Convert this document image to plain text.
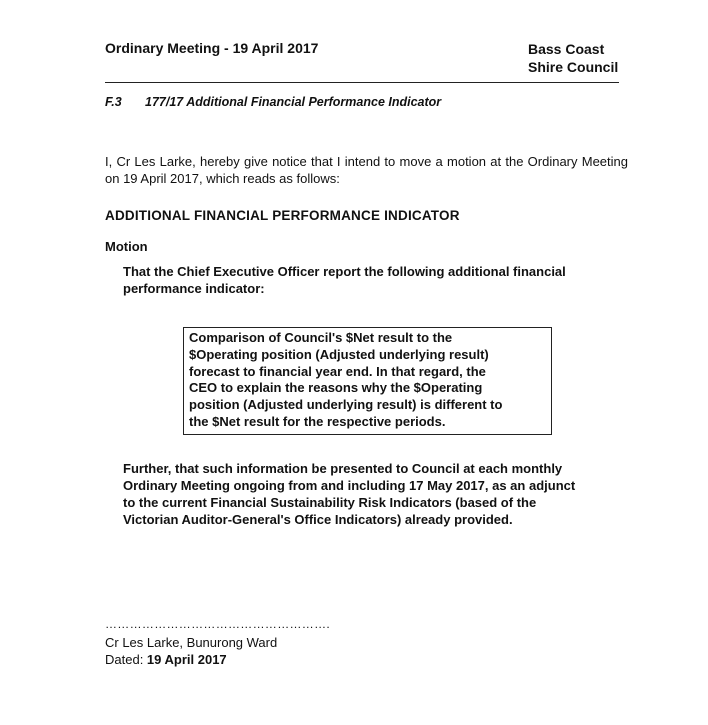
Ordinary Meeting - 19 April 2017	Bass Coast
Shire Council
F.3 177/17 Additional Financial Performance Indicator

I, Cr Les Larke, hereby give notice that I intend to move a motion at the Ordinary Meeting on 19 April 2017, which reads as follows:

ADDITIONAL FINANCIAL PERFORMANCE INDICATOR
Motion

That the Chief Executive Officer report the following additional financial performance indicator:

Comparison of Council's $Net result to the
$Operating position (Adjusted underlying result)
forecast to financial year end. In that regard, the
CEO to explain the reasons why the $Operating
position (Adjusted underlying result) is different to
the $Net result for the respective periods.
Further, that such information be presented to Council at each monthly
Ordinary Meeting ongoing from and including 17 May 2017, as an adjunct
to the current Financial Sustainability Risk Indicators (based of the
Victorian Auditor-General's Office Indicators) already provided.
……………………………………………….
Cr Les Larke, Bunurong Ward
Dated: 19 April 2017
